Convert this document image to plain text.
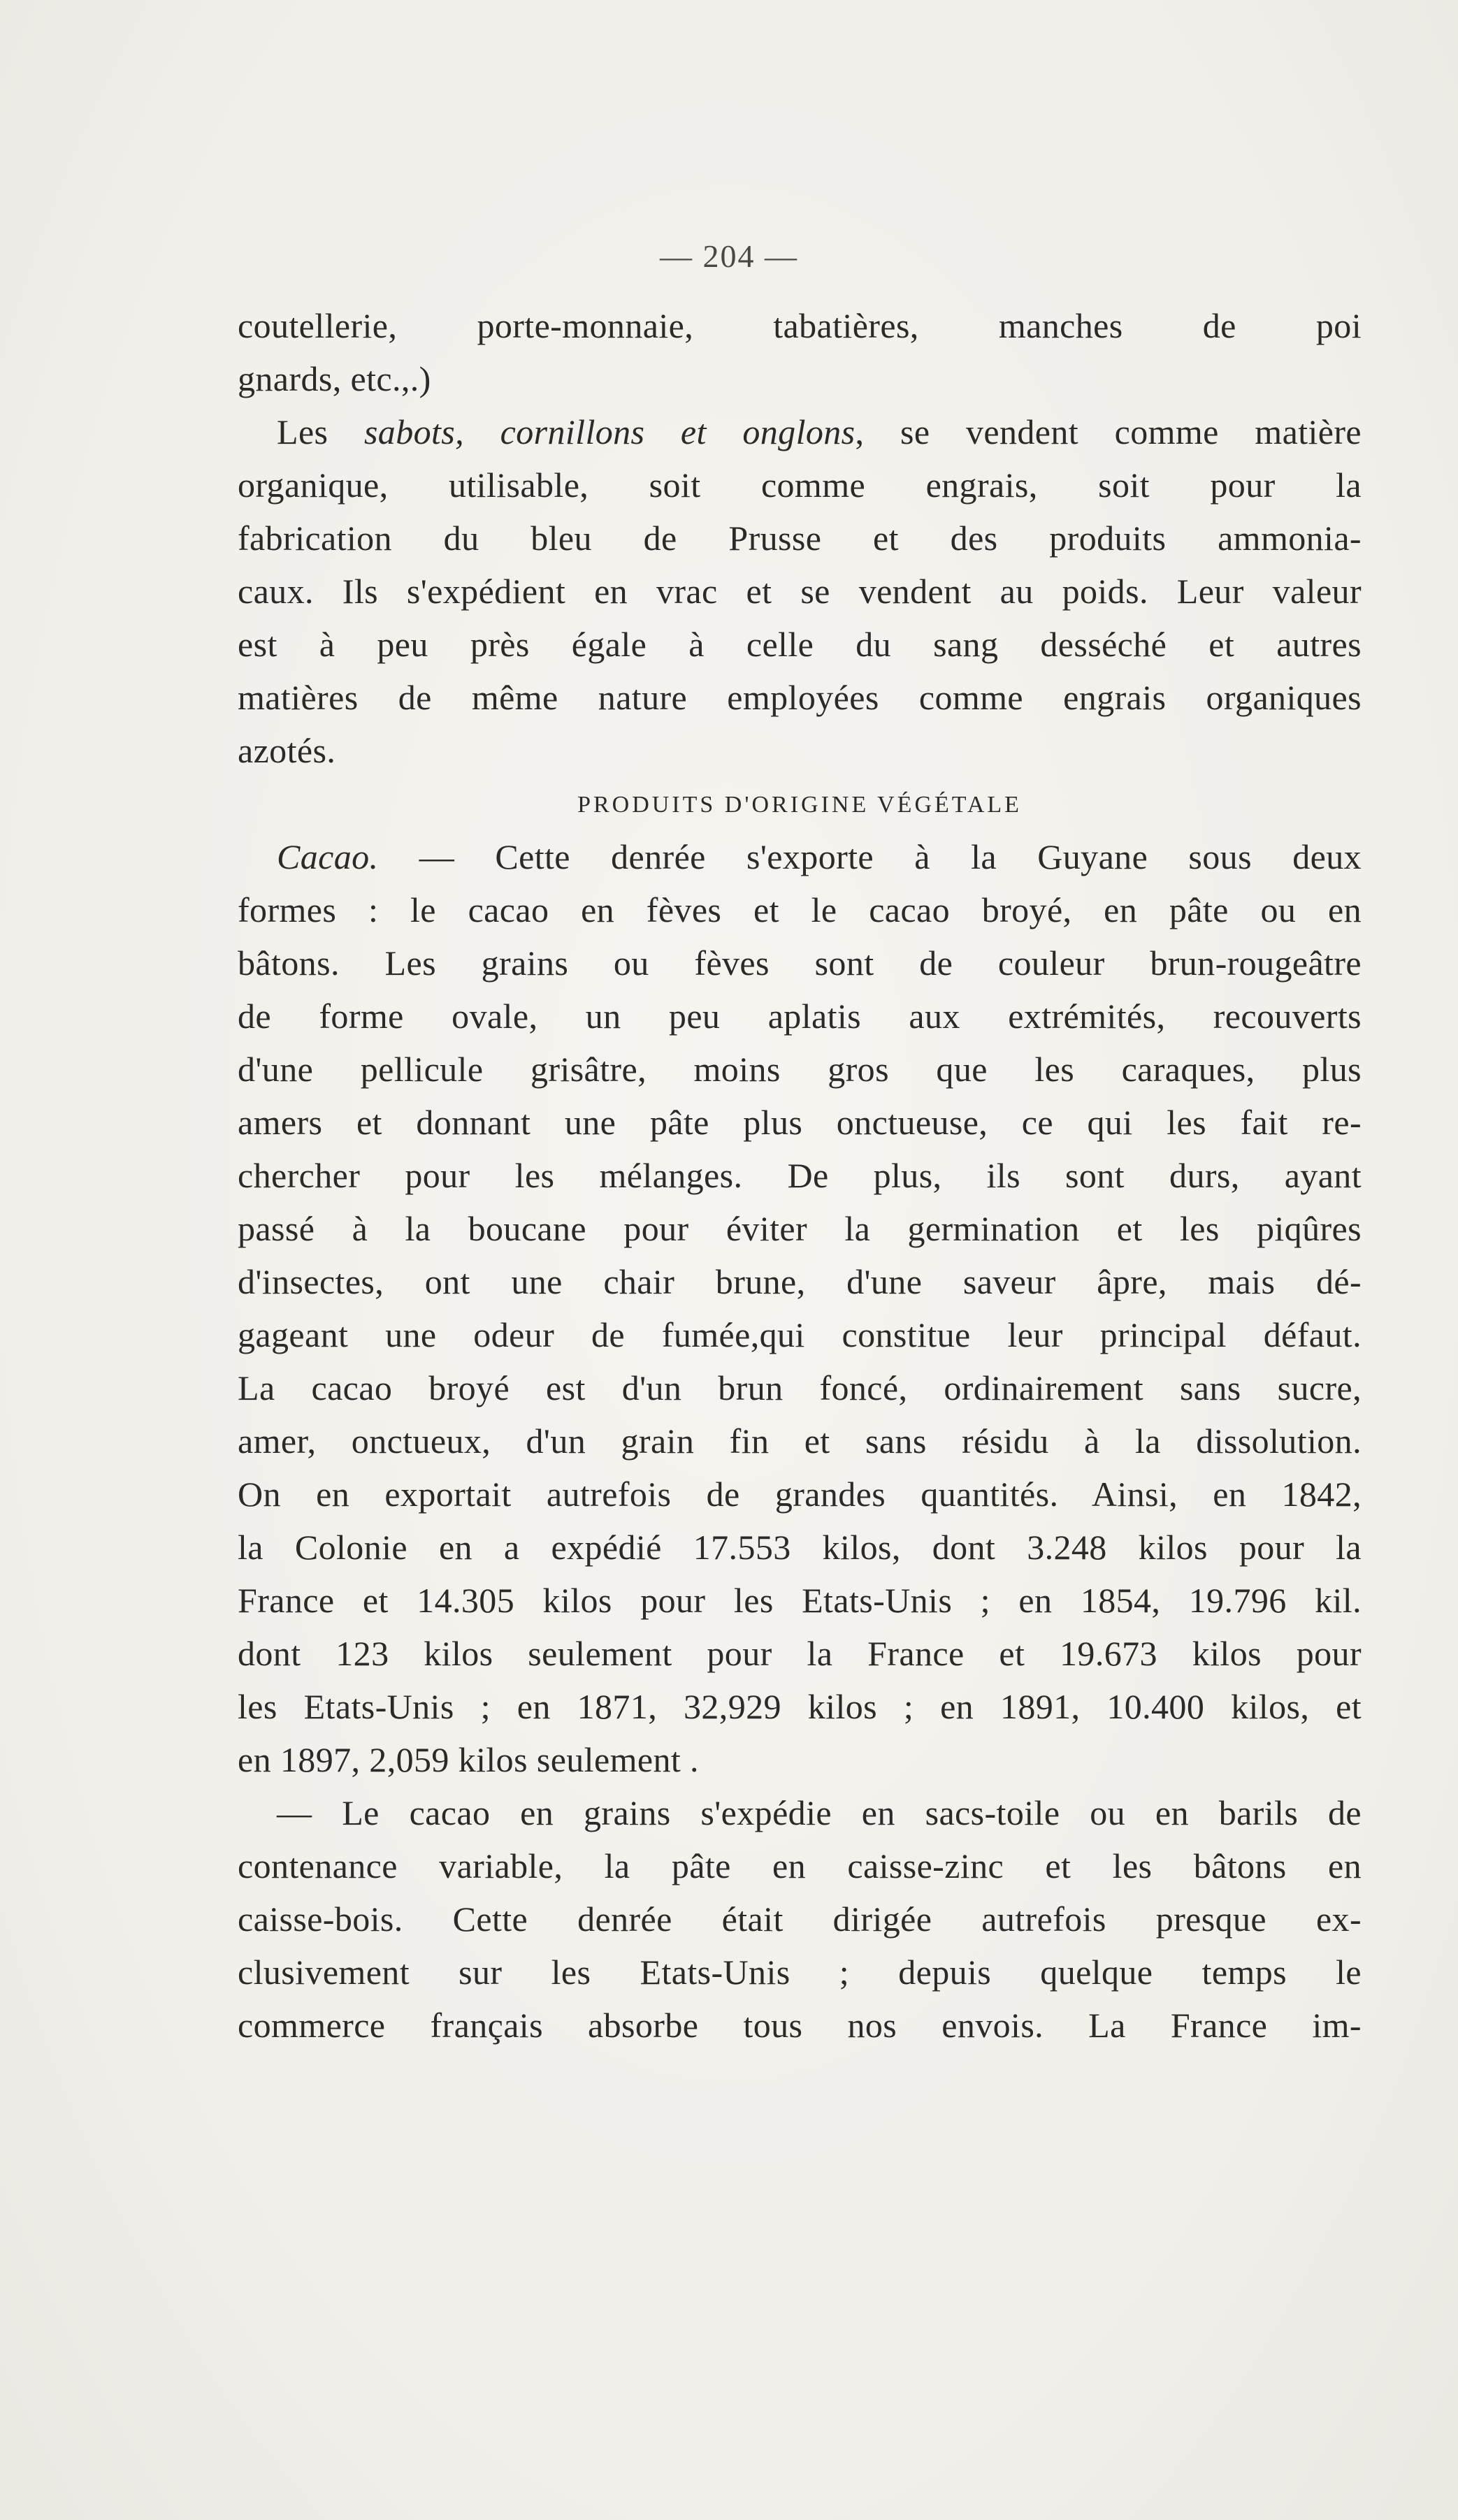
— 204 —
coutellerie, porte-monnaie, tabatières, manches de poi
gnards, etc.,.)
Les sabots, cornillons et onglons, se vendent comme matière
organique, utilisable, soit comme engrais, soit pour la
fabrication du bleu de Prusse et des produits ammonia-
caux. Ils s'expédient en vrac et se vendent au poids. Leur valeur
est à peu près égale à celle du sang desséché et autres
matières de même nature employées comme engrais organiques
azotés.
PRODUITS D'ORIGINE VÉGÉTALE
Cacao. — Cette denrée s'exporte à la Guyane sous deux
formes : le cacao en fèves et le cacao broyé, en pâte ou en
bâtons. Les grains ou fèves sont de couleur brun-rougeâtre
de forme ovale, un peu aplatis aux extrémités, recouverts
d'une pellicule grisâtre, moins gros que les caraques, plus
amers et donnant une pâte plus onctueuse, ce qui les fait re-
chercher pour les mélanges. De plus, ils sont durs, ayant
passé à la boucane pour éviter la germination et les piqûres
d'insectes, ont une chair brune, d'une saveur âpre, mais dé-
gageant une odeur de fumée,qui constitue leur principal défaut.
La cacao broyé est d'un brun foncé, ordinairement sans sucre,
amer, onctueux, d'un grain fin et sans résidu à la dissolution.
On en exportait autrefois de grandes quantités. Ainsi, en 1842,
la Colonie en a expédié 17.553 kilos, dont 3.248 kilos pour la
France et 14.305 kilos pour les Etats-Unis ; en 1854, 19.796 kil.
dont 123 kilos seulement pour la France et 19.673 kilos pour
les Etats-Unis ; en 1871, 32,929 kilos ; en 1891, 10.400 kilos, et
en 1897, 2,059 kilos seulement .
— Le cacao en grains s'expédie en sacs-toile ou en barils de
contenance variable, la pâte en caisse-zinc et les bâtons en
caisse-bois. Cette denrée était dirigée autrefois presque ex-
clusivement sur les Etats-Unis ; depuis quelque temps le
commerce français absorbe tous nos envois. La France im-
